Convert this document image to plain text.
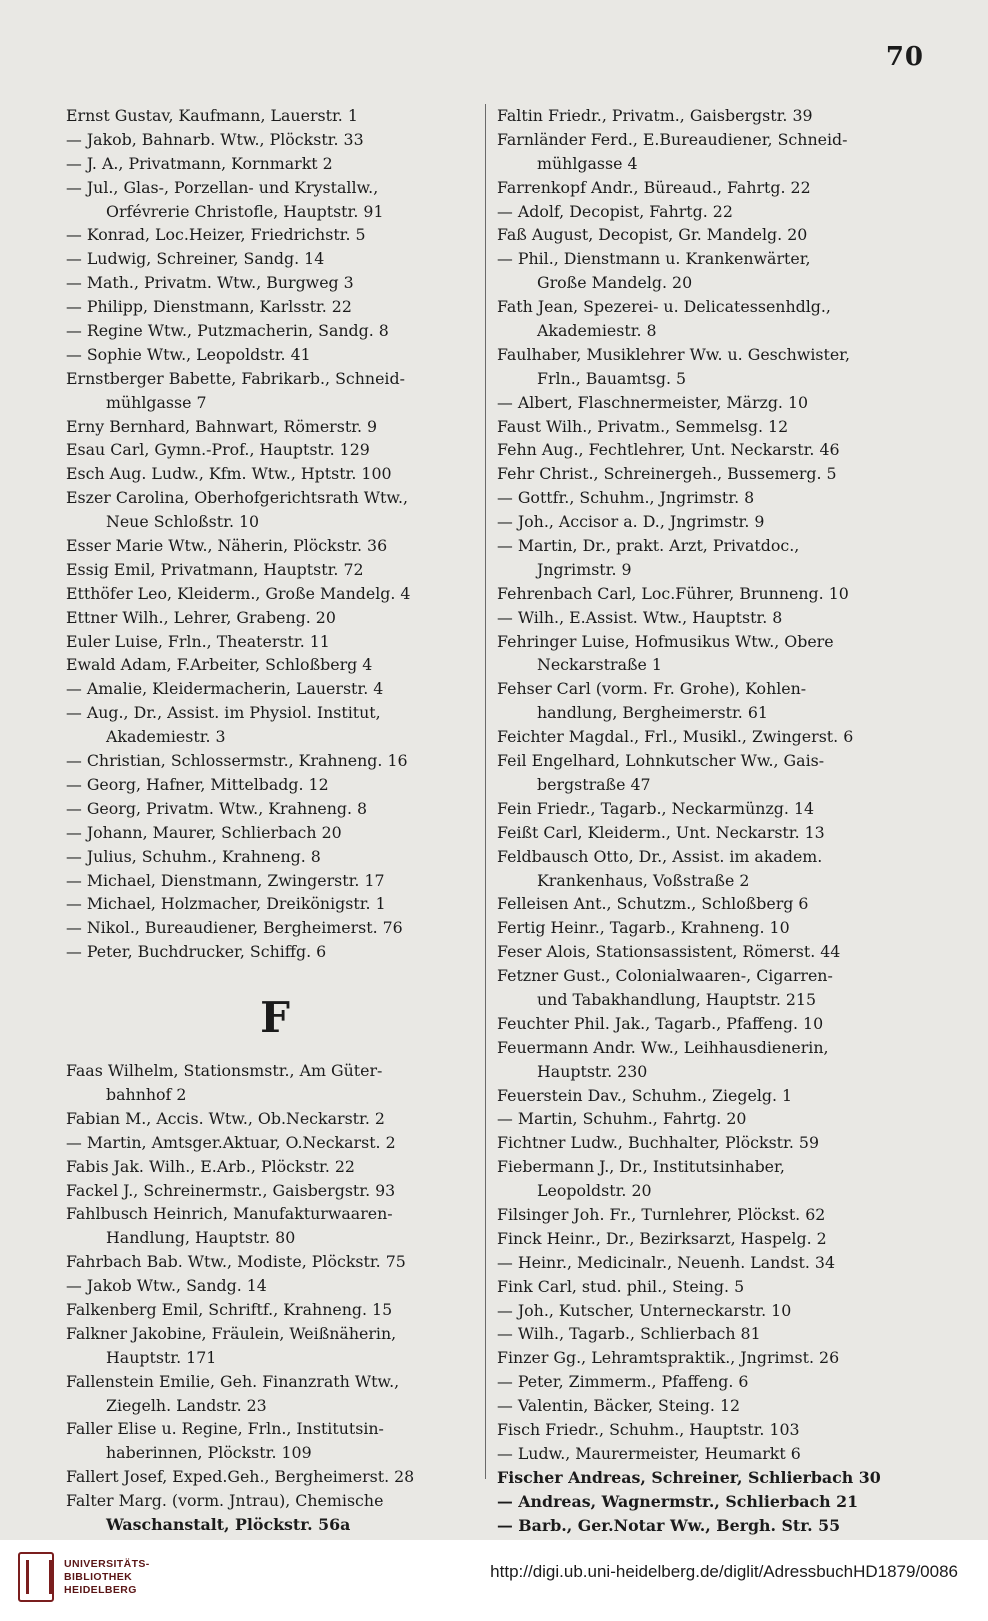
70
Ernst Gustav, Kaufmann, Lauerstr. 1
— Jakob, Bahnarb. Wtw., Plöckstr. 33
— J. A., Privatmann, Kornmarkt 2
— Jul., Glas-, Porzellan- und Krystallw.,
Orfévrerie Christofle, Hauptstr. 91
— Konrad, Loc.Heizer, Friedrichstr. 5
— Ludwig, Schreiner, Sandg. 14
— Math., Privatm. Wtw., Burgweg 3
— Philipp, Dienstmann, Karlsstr. 22
— Regine Wtw., Putzmacherin, Sandg. 8
— Sophie Wtw., Leopoldstr. 41
Ernstberger Babette, Fabrikarb., Schneid-
mühlgasse 7
Erny Bernhard, Bahnwart, Römerstr. 9
Esau Carl, Gymn.-Prof., Hauptstr. 129
Esch Aug. Ludw., Kfm. Wtw., Hptstr. 100
Eszer Carolina, Oberhofgerichtsrath Wtw.,
Neue Schloßstr. 10
Esser Marie Wtw., Näherin, Plöckstr. 36
Essig Emil, Privatmann, Hauptstr. 72
Etthöfer Leo, Kleiderm., Große Mandelg. 4
Ettner Wilh., Lehrer, Grabeng. 20
Euler Luise, Frln., Theaterstr. 11
Ewald Adam, F.Arbeiter, Schloßberg 4
— Amalie, Kleidermacherin, Lauerstr. 4
— Aug., Dr., Assist. im Physiol. Institut,
Akademiestr. 3
— Christian, Schlossermstr., Krahneng. 16
— Georg, Hafner, Mittelbadg. 12
— Georg, Privatm. Wtw., Krahneng. 8
— Johann, Maurer, Schlierbach 20
— Julius, Schuhm., Krahneng. 8
— Michael, Dienstmann, Zwingerstr. 17
— Michael, Holzmacher, Dreikönigstr. 1
— Nikol., Bureaudiener, Bergheimerst. 76
— Peter, Buchdrucker, Schiffg. 6
F
Faas Wilhelm, Stationsmstr., Am Güter-
bahnhof 2
Fabian M., Accis. Wtw., Ob.Neckarstr. 2
— Martin, Amtsger.Aktuar, O.Neckarst. 2
Fabis Jak. Wilh., E.Arb., Plöckstr. 22
Fackel J., Schreinermstr., Gaisbergstr. 93
Fahlbusch Heinrich, Manufakturwaaren-
Handlung, Hauptstr. 80
Fahrbach Bab. Wtw., Modiste, Plöckstr. 75
— Jakob Wtw., Sandg. 14
Falkenberg Emil, Schriftf., Krahneng. 15
Falkner Jakobine, Fräulein, Weißnäherin,
Hauptstr. 171
Fallenstein Emilie, Geh. Finanzrath Wtw.,
Ziegelh. Landstr. 23
Faller Elise u. Regine, Frln., Institutsin-
haberinnen, Plöckstr. 109
Fallert Josef, Exped.Geh., Bergheimerst. 28
Falter Marg. (vorm. Jntrau), Chemische
Waschanstalt, Plöckstr. 56a
Faltin Friedr., Privatm., Gaisbergstr. 39
Farnländer Ferd., E.Bureaudiener, Schneid-
mühlgasse 4
Farrenkopf Andr., Büreaud., Fahrtg. 22
— Adolf, Decopist, Fahrtg. 22
Faß August, Decopist, Gr. Mandelg. 20
— Phil., Dienstmann u. Krankenwärter,
Große Mandelg. 20
Fath Jean, Spezerei- u. Delicatessenhdlg.,
Akademiestr. 8
Faulhaber, Musiklehrer Ww. u. Geschwister,
Frln., Bauamtsg. 5
— Albert, Flaschnermeister, Märzg. 10
Faust Wilh., Privatm., Semmelsg. 12
Fehn Aug., Fechtlehrer, Unt. Neckarstr. 46
Fehr Christ., Schreinergeh., Bussemerg. 5
— Gottfr., Schuhm., Jngrimstr. 8
— Joh., Accisor a. D., Jngrimstr. 9
— Martin, Dr., prakt. Arzt, Privatdoc.,
Jngrimstr. 9
Fehrenbach Carl, Loc.Führer, Brunneng. 10
— Wilh., E.Assist. Wtw., Hauptstr. 8
Fehringer Luise, Hofmusikus Wtw., Obere
Neckarstraße 1
Fehser Carl (vorm. Fr. Grohe), Kohlen-
handlung, Bergheimerstr. 61
Feichter Magdal., Frl., Musikl., Zwingerst. 6
Feil Engelhard, Lohnkutscher Ww., Gais-
bergstraße 47
Fein Friedr., Tagarb., Neckarmünzg. 14
Feißt Carl, Kleiderm., Unt. Neckarstr. 13
Feldbausch Otto, Dr., Assist. im akadem.
Krankenhaus, Voßstraße 2
Felleisen Ant., Schutzm., Schloßberg 6
Fertig Heinr., Tagarb., Krahneng. 10
Feser Alois, Stationsassistent, Römerst. 44
Fetzner Gust., Colonialwaaren-, Cigarren-
und Tabakhandlung, Hauptstr. 215
Feuchter Phil. Jak., Tagarb., Pfaffeng. 10
Feuermann Andr. Ww., Leihhausdienerin,
Hauptstr. 230
Feuerstein Dav., Schuhm., Ziegelg. 1
— Martin, Schuhm., Fahrtg. 20
Fichtner Ludw., Buchhalter, Plöckstr. 59
Fiebermann J., Dr., Institutsinhaber,
Leopoldstr. 20
Filsinger Joh. Fr., Turnlehrer, Plöckst. 62
Finck Heinr., Dr., Bezirksarzt, Haspelg. 2
— Heinr., Medicinalr., Neuenh. Landst. 34
Fink Carl, stud. phil., Steing. 5
— Joh., Kutscher, Unterneckarstr. 10
— Wilh., Tagarb., Schlierbach 81
Finzer Gg., Lehramtspraktik., Jngrimst. 26
— Peter, Zimmerm., Pfaffeng. 6
— Valentin, Bäcker, Steing. 12
Fisch Friedr., Schuhm., Hauptstr. 103
— Ludw., Maurermeister, Heumarkt 6
Fischer Andreas, Schreiner, Schlierbach 30
— Andreas, Wagnermstr., Schlierbach 21
— Barb., Ger.Notar Ww., Bergh. Str. 55
UNIVERSITÄTS-
BIBLIOTHEK
HEIDELBERG
http://digi.ub.uni-heidelberg.de/diglit/AdressbuchHD1879/0086
